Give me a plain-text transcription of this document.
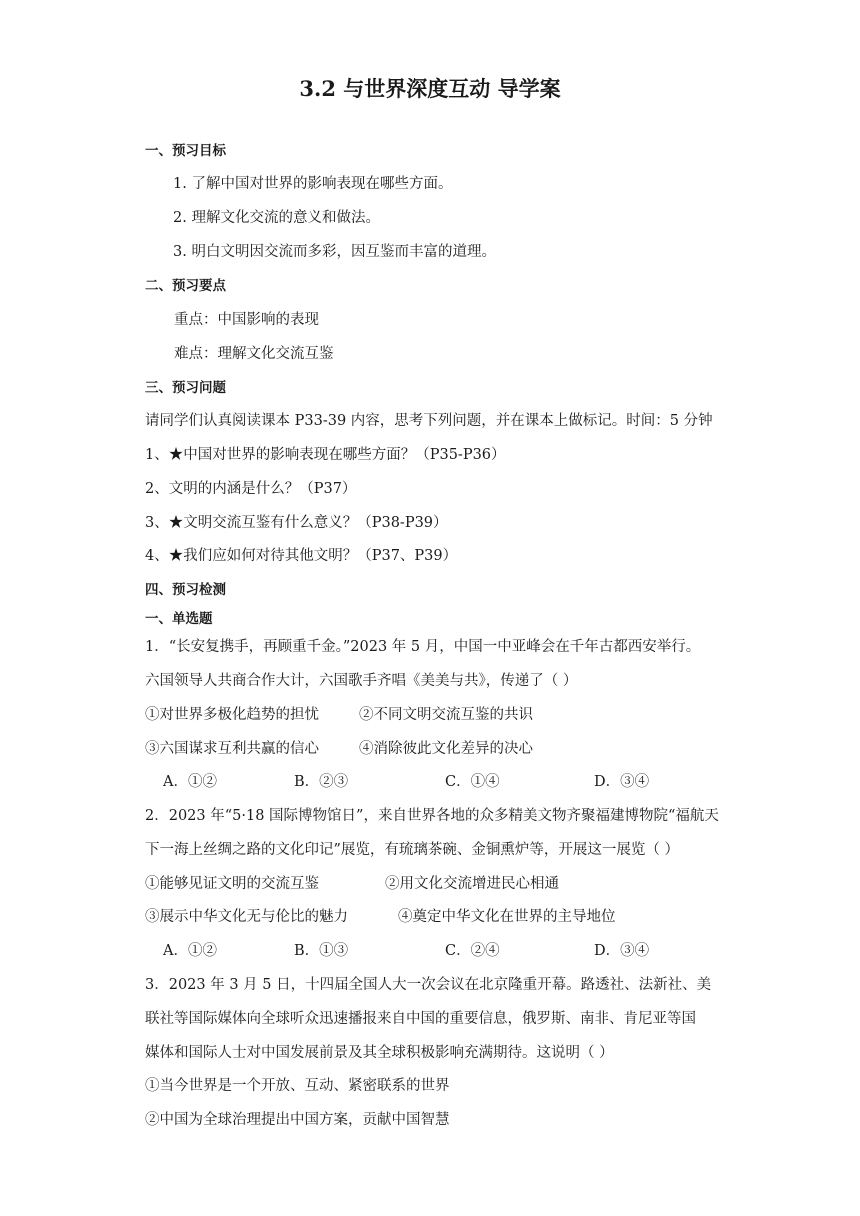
3.2 与世界深度互动 导学案
一、预习目标
1. 了解中国对世界的影响表现在哪些方面。
2. 理解文化交流的意义和做法。
3. 明白文明因交流而多彩，因互鉴而丰富的道理。
二、预习要点
重点：中国影响的表现
难点：理解文化交流互鉴
三、预习问题
请同学们认真阅读课本 P33-39 内容，思考下列问题，并在课本上做标记。时间：5 分钟
1、★中国对世界的影响表现在哪些方面？（P35-P36）
2、文明的内涵是什么？（P37）
3、★文明交流互鉴有什么意义？（P38-P39）
4、★我们应如何对待其他文明？（P37、P39）
四、预习检测
一、单选题
1．“长安复携手，再顾重千金。”2023 年 5 月，中国一中亚峰会在千年古都西安举行。
六国领导人共商合作大计，六国歌手齐唱《美美与共》，传递了（ ）
①对世界多极化趋势的担忧	②不同文明交流互鉴的共识
③六国谋求互利共赢的信心	④消除彼此文化差异的决心
A．①②	B．②③	C．①④	D．③④
2．2023 年“5·18 国际博物馆日”，来自世界各地的众多精美文物齐聚福建博物院“福航天
下一海上丝绸之路的文化印记”展览，有琉璃茶碗、金铜熏炉等，开展这一展览（ ）
①能够见证文明的交流互鉴	②用文化交流增进民心相通
③展示中华文化无与伦比的魅力	④奠定中华文化在世界的主导地位
A．①②	B．①③	C．②④	D．③④
3．2023 年 3 月 5 日，十四届全国人大一次会议在北京隆重开幕。路透社、法新社、美
联社等国际媒体向全球听众迅速播报来自中国的重要信息，俄罗斯、南非、肯尼亚等国
媒体和国际人士对中国发展前景及其全球积极影响充满期待。这说明（ ）
①当今世界是一个开放、互动、紧密联系的世界
②中国为全球治理提出中国方案，贡献中国智慧
